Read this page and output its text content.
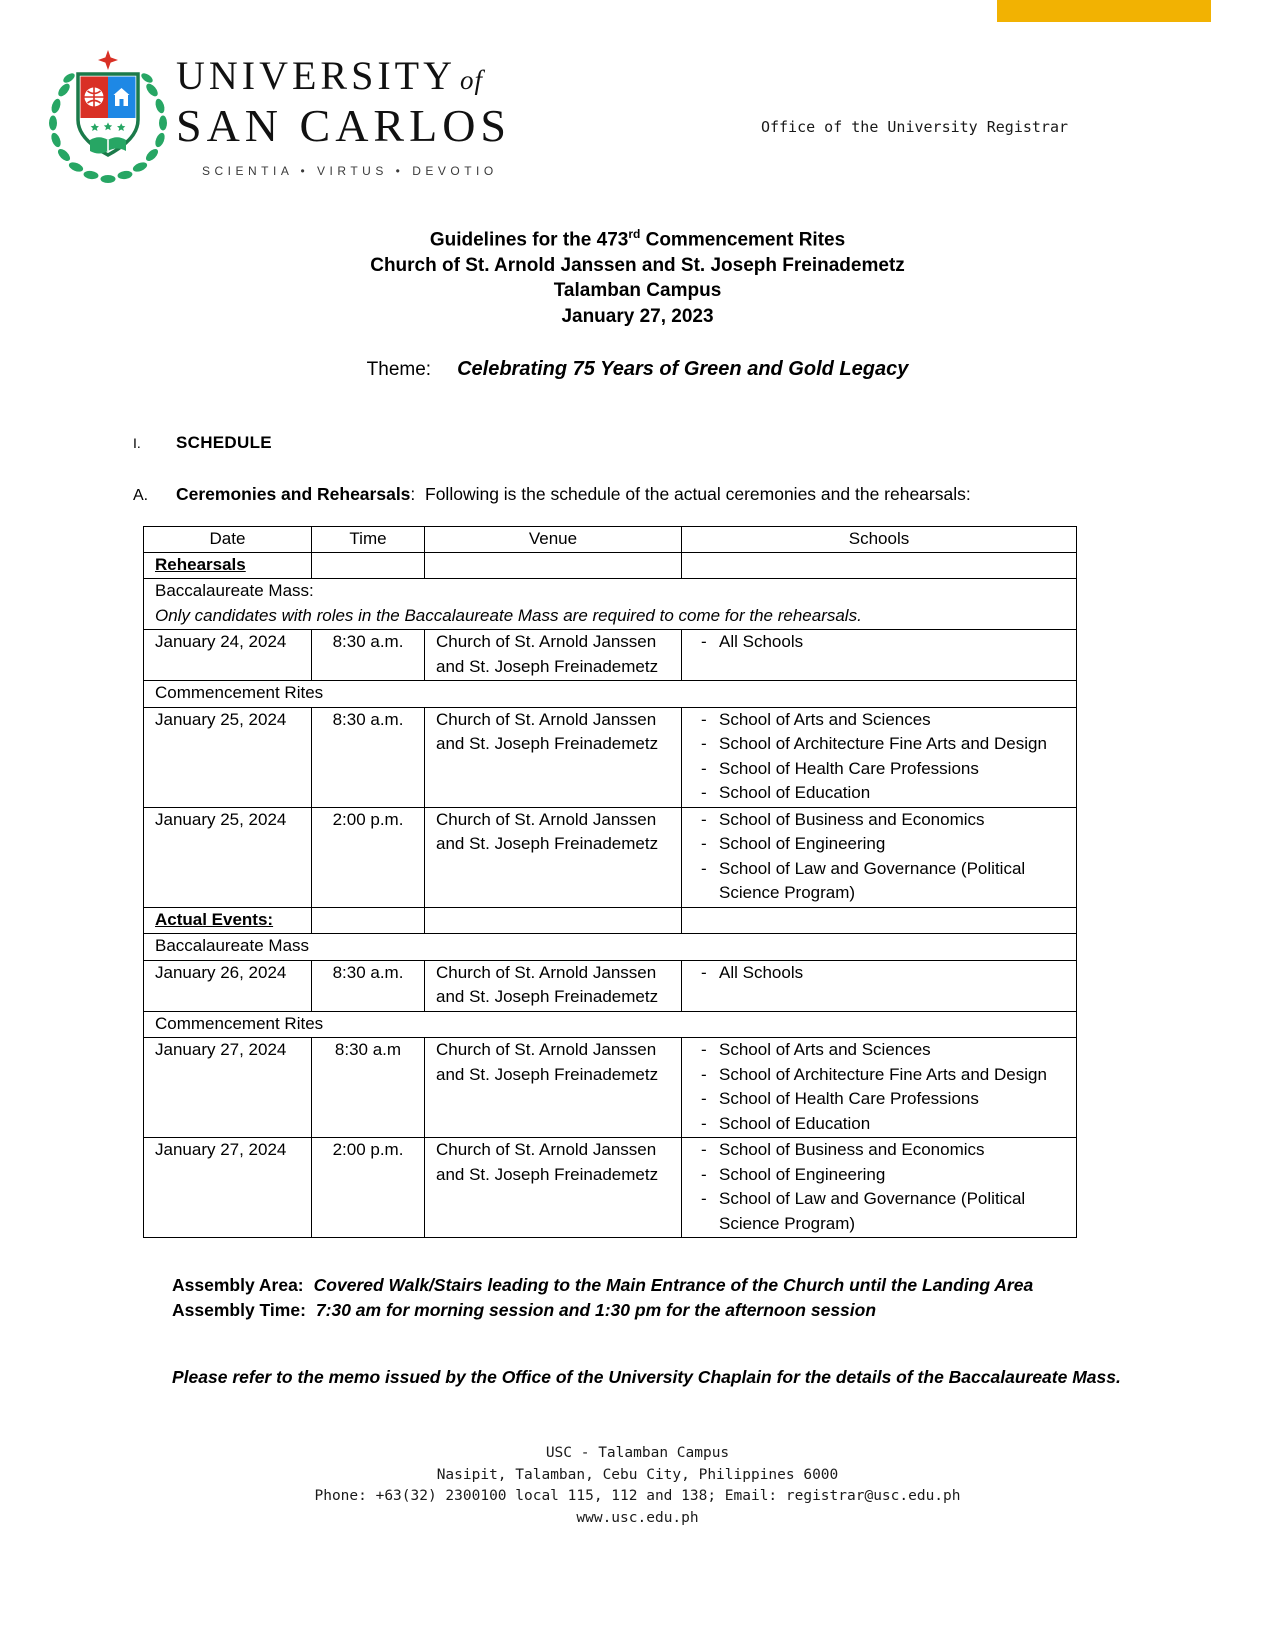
UNIVERSITY of
SAN CARLOS
SCIENTIA • VIRTUS • DEVOTIO
Office of the University Registrar
Guidelines for the 473rd Commencement Rites
Church of St. Arnold Janssen and St. Joseph Freinademetz
Talamban Campus
January 27, 2023
Theme: Celebrating 75 Years of Green and Gold Legacy
I.	SCHEDULE
A.	Ceremonies and Rehearsals:  Following is the schedule of the actual ceremonies and the rehearsals:
Date	Time	Venue	Schools
Rehearsals			

Baccalaureate Mass:
Only candidates with roles in the Baccalaureate Mass are required to come for the rehearsals.			

January 24, 2024	8:30 a.m.	Church of St. Arnold Janssen and St. Joseph Freinademetz	- All Schools

Commencement Rites			
January 25, 2024	8:30 a.m.	Church of St. Arnold Janssen and St. Joseph Freinademetz	
- School of Arts and Sciences
- School of Architecture Fine Arts and Design
- School of Health Care Professions
- School of Education

January 25, 2024	2:00 p.m.	Church of St. Arnold Janssen and St. Joseph Freinademetz	
- School of Business and Economics
- School of Engineering
- School of Law and Governance (Political Science Program)

Actual Events:			
Baccalaureate Mass			
January 26, 2024	8:30 a.m.	Church of St. Arnold Janssen and St. Joseph Freinademetz	- All Schools

Commencement Rites			
January 27, 2024	8:30 a.m	Church of St. Arnold Janssen and St. Joseph Freinademetz	
- School of Arts and Sciences
- School of Architecture Fine Arts and Design
- School of Health Care Professions
- School of Education

January 27, 2024	2:00 p.m.	Church of St. Arnold Janssen and St. Joseph Freinademetz	
- School of Business and Economics
- School of Engineering
- School of Law and Governance (Political Science Program)
Assembly Area: Covered Walk/Stairs leading to the Main Entrance of the Church until the Landing Area
Assembly Time: 7:30 am for morning session and 1:30 pm for the afternoon session
Please refer to the memo issued by the Office of the University Chaplain for the details of the Baccalaureate Mass.
USC - Talamban Campus
Nasipit, Talamban, Cebu City, Philippines 6000
Phone: +63(32) 2300100 local 115, 112 and 138; Email: registrar@usc.edu.ph
www.usc.edu.ph
